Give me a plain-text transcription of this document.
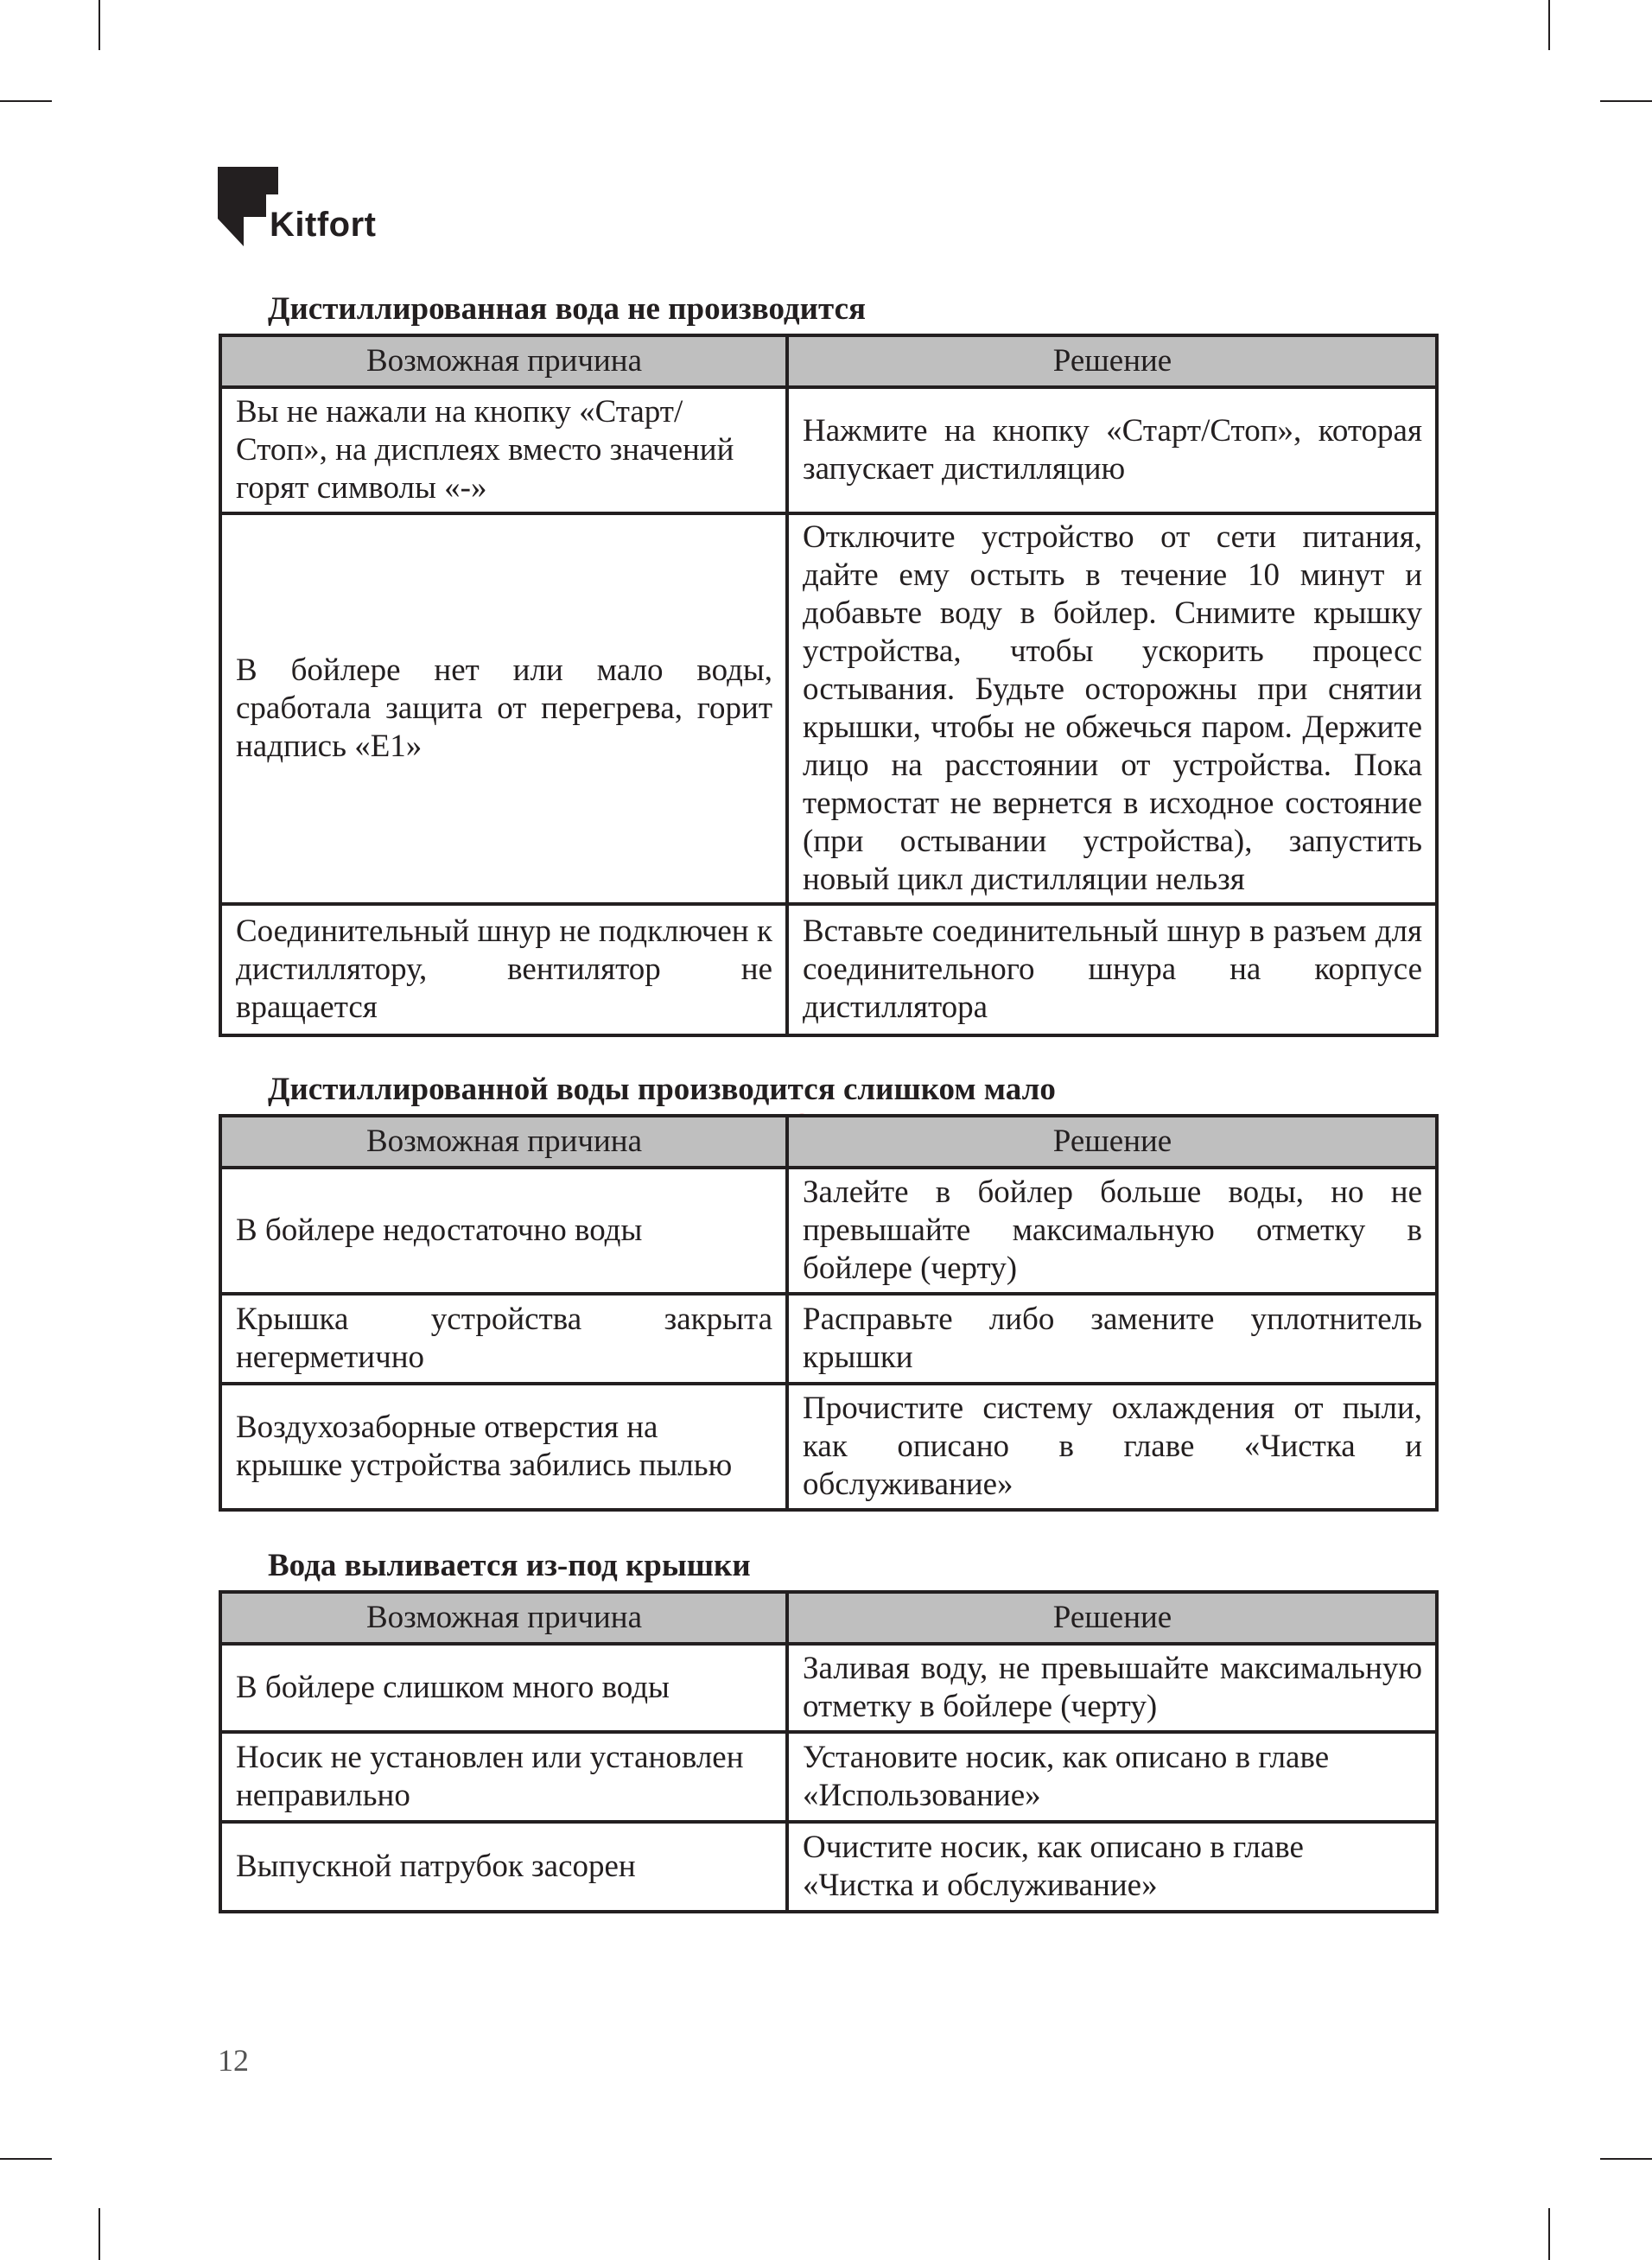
Kitfort
Дистиллированная вода не производится
Возможная причина	Решение
Вы не нажали на кнопку «Старт/Стоп», на дисплеях вместо значений горят символы «-»	Нажмите на кнопку «Старт/Стоп», которая запускает дистилляцию
В бойлере нет или мало воды, сработала защита от перегрева, горит надпись «E1»	Отключите устройство от сети питания, дайте ему остыть в течение 10 минут и добавьте воду в бойлер. Снимите крышку устройства, чтобы ускорить процесс остывания. Будьте осторожны при снятии крышки, чтобы не обжечься паром. Держите лицо на расстоянии от устройства. Пока термостат не вернется в исходное состояние (при остывании устройства), запустить новый цикл дистилляции нельзя
Соединительный шнур не подключен к дистиллятору, вентилятор не вращается	Вставьте соединительный шнур в разъем для соединительного шнура на корпусе дистиллятора
Дистиллированной воды производится слишком мало
Возможная причина	Решение
В бойлере недостаточно воды	Залейте в бойлер больше воды, но не превышайте максимальную отметку в бойлере (черту)
Крышка устройства закрыта негерметично	Расправьте либо замените уплотнитель крышки
Воздухозаборные отверстия на крышке устройства забились пылью	Прочистите систему охлаждения от пыли, как описано в главе «Чистка и обслуживание»
Вода выливается из-под крышки
Возможная причина	Решение
В бойлере слишком много воды	Заливая воду, не превышайте максимальную отметку в бойлере (черту)
Носик не установлен или установлен неправильно	Установите носик, как описано в главе «Использование»
Выпускной патрубок засорен	Очистите носик, как описано в главе «Чистка и обслуживание»
12
